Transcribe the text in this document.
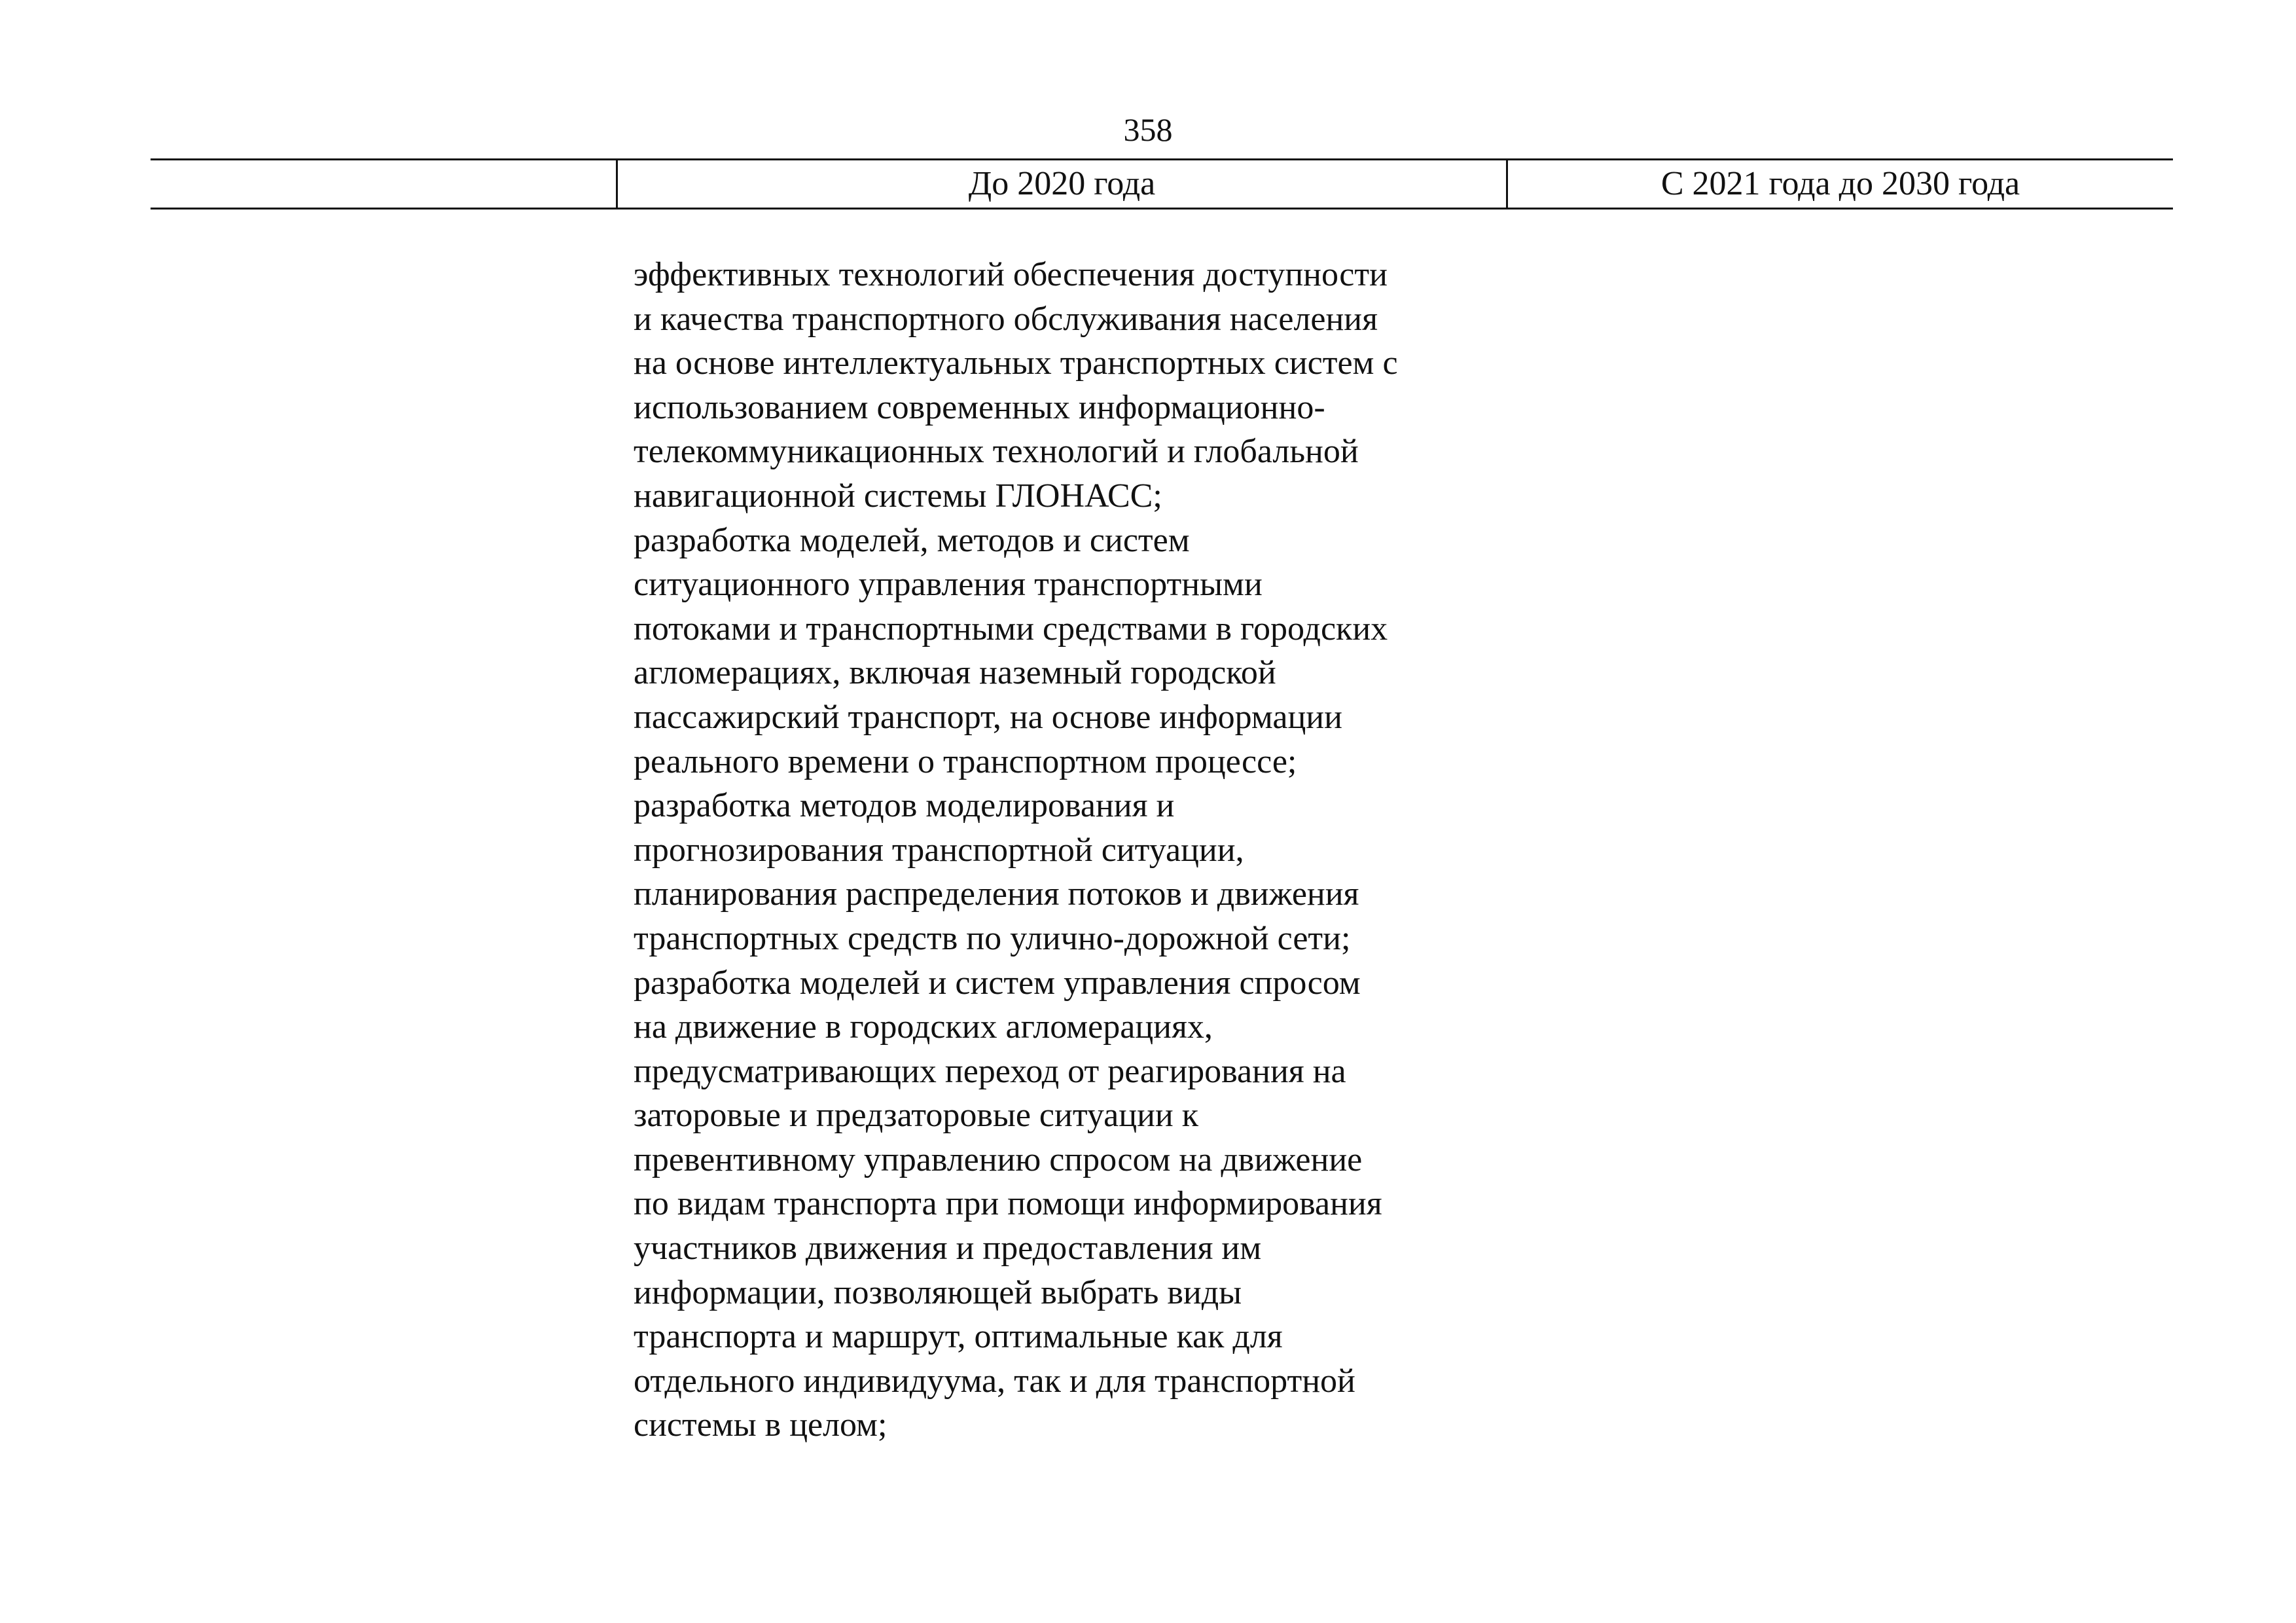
358
До 2020 года	С 2021 года до 2030 года
эффективных технологий обеспечения доступности
и качества транспортного обслуживания населения
на основе интеллектуальных транспортных систем с
использованием современных информационно-
телекоммуникационных технологий и глобальной
навигационной системы ГЛОНАСС;
разработка моделей, методов и систем
ситуационного управления транспортными
потоками и транспортными средствами в городских
агломерациях, включая наземный городской
пассажирский транспорт, на основе информации
реального времени о транспортном процессе;
разработка методов моделирования и
прогнозирования транспортной ситуации,
планирования распределения потоков и движения
транспортных средств по улично-дорожной сети;
разработка моделей и систем управления спросом
на движение в городских агломерациях,
предусматривающих переход от реагирования на
заторовые и предзаторовые ситуации к
превентивному управлению спросом на движение
по видам транспорта при помощи информирования
участников движения и предоставления им
информации, позволяющей выбрать виды
транспорта и маршрут, оптимальные как для
отдельного индивидуума, так и для транспортной
системы в целом;
